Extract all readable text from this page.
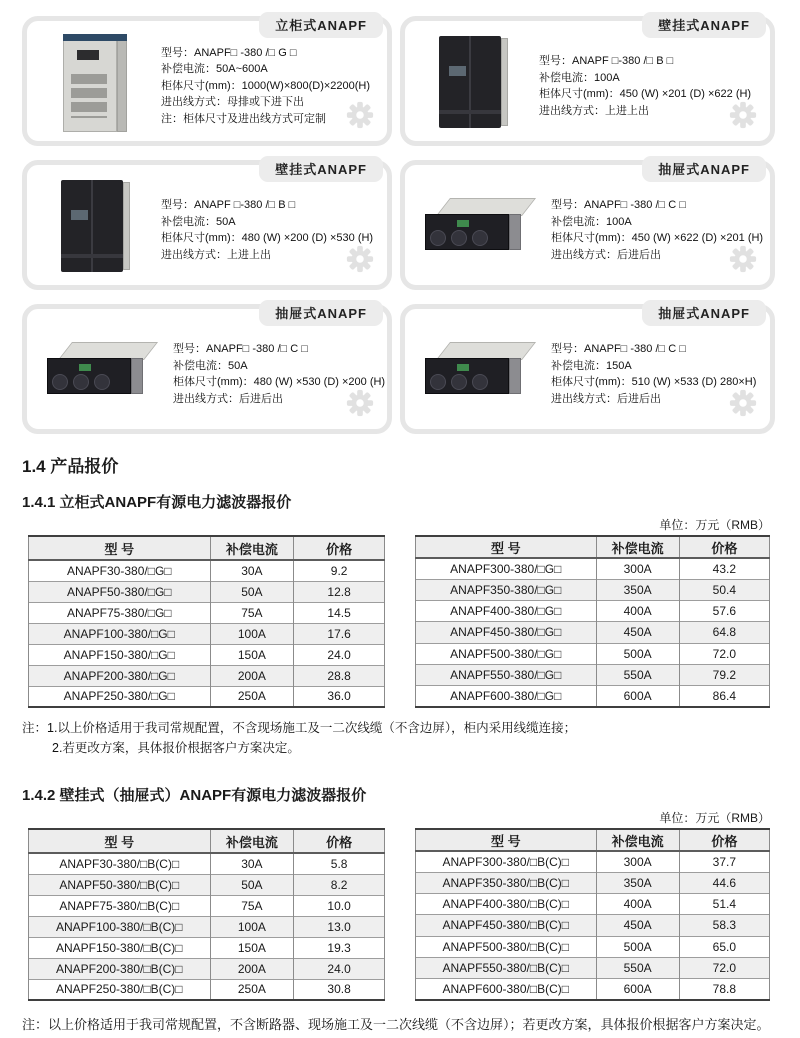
立柜式ANAPF
型号：ANAPF□ -380 /□ G □
补偿电流：50A~600A
柜体尺寸(mm)：1000(W)×800(D)×2200(H)
进出线方式：母排或下进下出
注：柜体尺寸及进出线方式可定制
壁挂式ANAPF
型号：ANAPF □-380 /□ B □
补偿电流：100A
柜体尺寸(mm)：450 (W) ×201 (D) ×622 (H)
进出线方式：上进上出
壁挂式ANAPF
型号：ANAPF □-380 /□ B □
补偿电流：50A
柜体尺寸(mm)：480 (W) ×200 (D) ×530 (H)
进出线方式：上进上出
抽屉式ANAPF
型号：ANAPF□ -380 /□ C □
补偿电流：100A
柜体尺寸(mm)：450 (W) ×622 (D) ×201 (H)
进出线方式：后进后出
抽屉式ANAPF
型号：ANAPF□ -380 /□ C □
补偿电流：50A
柜体尺寸(mm)：480 (W) ×530 (D) ×200 (H)
进出线方式：后进后出
抽屉式ANAPF
型号：ANAPF□ -380 /□ C □
补偿电流：150A
柜体尺寸(mm)：510 (W) ×533 (D) 280×H)
进出线方式：后进后出
1.4 产品报价
1.4.1 立柜式ANAPF有源电力滤波器报价
单位：万元（RMB）
型 号	补偿电流	价格
ANAPF30-380/□G□	30A	9.2
ANAPF50-380/□G□	50A	12.8
ANAPF75-380/□G□	75A	14.5
ANAPF100-380/□G□	100A	17.6
ANAPF150-380/□G□	150A	24.0
ANAPF200-380/□G□	200A	28.8
ANAPF250-380/□G□	250A	36.0
型 号	补偿电流	价格
ANAPF300-380/□G□	300A	43.2
ANAPF350-380/□G□	350A	50.4
ANAPF400-380/□G□	400A	57.6
ANAPF450-380/□G□	450A	64.8
ANAPF500-380/□G□	500A	72.0
ANAPF550-380/□G□	550A	79.2
ANAPF600-380/□G□	600A	86.4
注：1.以上价格适用于我司常规配置，不含现场施工及一二次线缆（不含边屏），柜内采用线缆连接；
2.若更改方案，具体报价根据客户方案决定。
1.4.2 壁挂式（抽屉式）ANAPF有源电力滤波器报价
单位：万元（RMB）
型 号	补偿电流	价格
ANAPF30-380/□B(C)□	30A	5.8
ANAPF50-380/□B(C)□	50A	8.2
ANAPF75-380/□B(C)□	75A	10.0
ANAPF100-380/□B(C)□	100A	13.0
ANAPF150-380/□B(C)□	150A	19.3
ANAPF200-380/□B(C)□	200A	24.0
ANAPF250-380/□B(C)□	250A	30.8
型 号	补偿电流	价格
ANAPF300-380/□B(C)□	300A	37.7
ANAPF350-380/□B(C)□	350A	44.6
ANAPF400-380/□B(C)□	400A	51.4
ANAPF450-380/□B(C)□	450A	58.3
ANAPF500-380/□B(C)□	500A	65.0
ANAPF550-380/□B(C)□	550A	72.0
ANAPF600-380/□B(C)□	600A	78.8
注：以上价格适用于我司常规配置，不含断路器、现场施工及一二次线缆（不含边屏）；若更改方案，具体报价根据客户方案决定。
